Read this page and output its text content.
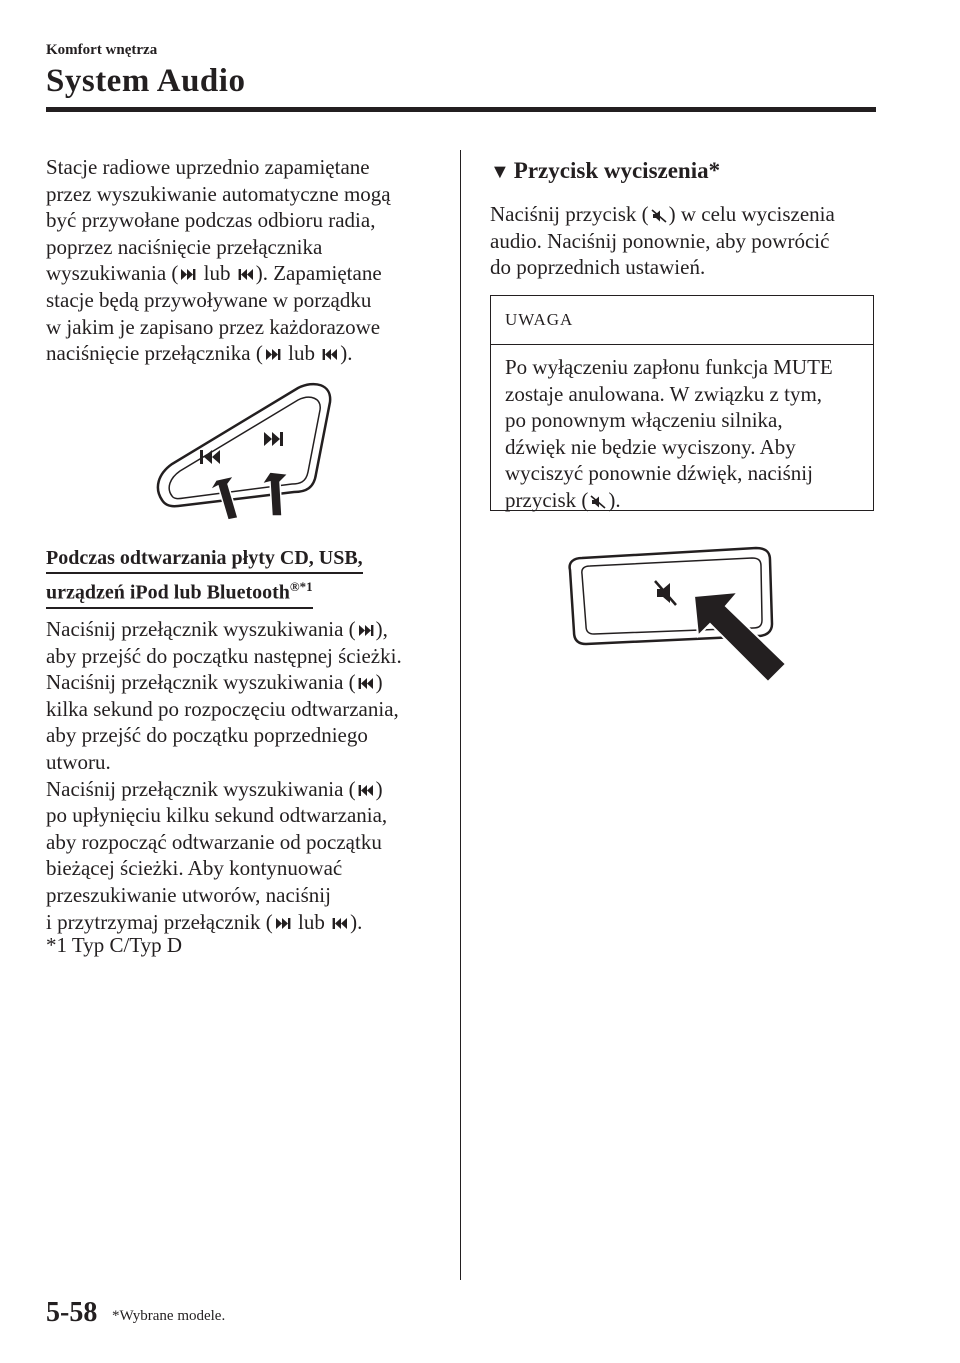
Komfort wnętrza
System Audio

Stacje radiowe uprzednio zapamiętane

przez wyszukiwanie automatyczne mogą

być przywołane podczas odbioru radia,

poprzez naciśnięcie przełącznika

wyszukiwania ( lub ). Zapamiętane

stacje będą przywoływane w porządku

w jakim je zapisano przez każdorazowe

naciśnięcie przełącznika ( lub ).

Podczas odtwarzania płyty CD, USB,
urządzeń iPod lub Bluetooth$^{®*1}$

Naciśnij przełącznik wyszukiwania ( ),

aby przejść do początku następnej ścieżki.

Naciśnij przełącznik wyszukiwania ( )

kilka sekund po rozpoczęciu odtwarzania,

aby przejść do początku poprzedniego

utworu.

Naciśnij przełącznik wyszukiwania ( )

po upłynięciu kilku sekund odtwarzania,

aby rozpocząć odtwarzanie od początku

bieżącej ścieżki. Aby kontynuować

przeszukiwanie utworów, naciśnij

i przytrzymaj przełącznik ( lub ).

*1 Typ C/Typ D
▼ Przycisk wyciszenia*

Naciśnij przycisk ( ) w celu wyciszenia

audio. Naciśnij ponownie, aby powrócić

do poprzednich ustawień.

UWAGA
Po wyłączeniu zapłonu funkcja MUTE
zostaje anulowana. W związku z tym,
po ponownym włączeniu silnika,
dźwięk nie będzie wyciszony. Aby
wyciszyć ponownie dźwięk, naciśnij
przycisk ( ).
5-58 *Wybrane modele.
